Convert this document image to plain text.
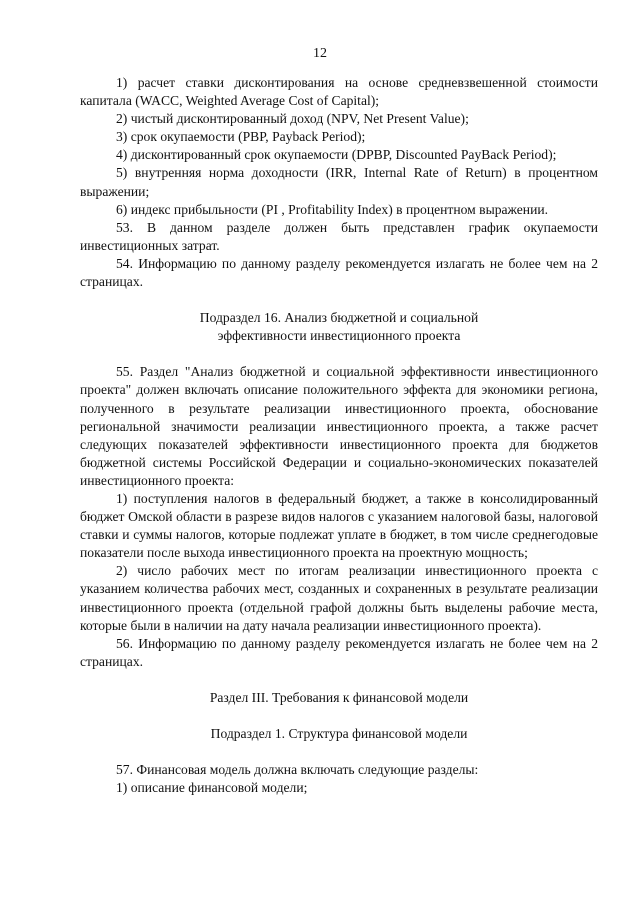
12

1) расчет ставки дисконтирования на основе средневзвешенной стоимости капитала (WACC, Weighted Average Cost of Capital);

2) чистый дисконтированный доход (NPV, Net Present Value);

3) срок окупаемости (PBP, Payback Period);

4) дисконтированный срок окупаемости (DPBP, Discounted PayBack Period);

5) внутренняя норма доходности (IRR, Internal Rate of Return) в процентном выражении;

6) индекс прибыльности (PI , Profitability Index) в процентном выражении.

53. В данном разделе должен быть представлен график окупаемости инвестиционных затрат.

54. Информацию по данному разделу рекомендуется излагать не более чем на 2 страницах.

Подраздел 16. Анализ бюджетной и социальной

эффективности инвестиционного проекта

55. Раздел "Анализ бюджетной и социальной эффективности инвестиционного проекта" должен включать описание положительного эффекта для экономики региона, полученного в результате реализации инвестиционного проекта, обоснование региональной значимости реализации инвестиционного проекта, а также расчет следующих показателей эффективности инвестиционного проекта для бюджетов бюджетной системы Российской Федерации и социально-экономических показателей инвестиционного проекта:

1) поступления налогов в федеральный бюджет, а также в консолидированный бюджет Омской области в разрезе видов налогов с указанием налоговой базы, налоговой ставки и суммы налогов, которые подлежат уплате в бюджет, в том числе среднегодовые показатели после выхода инвестиционного проекта на проектную мощность;

2) число рабочих мест по итогам реализации инвестиционного проекта с указанием количества рабочих мест, созданных и сохраненных в результате реализации инвестиционного проекта (отдельной графой должны быть выделены рабочие места, которые были в наличии на дату начала реализации инвестиционного проекта).

56. Информацию по данному разделу рекомендуется излагать не более чем на 2 страницах.

Раздел III. Требования к финансовой модели

Подраздел 1. Структура финансовой модели

57. Финансовая модель должна включать следующие разделы:

1) описание финансовой модели;
